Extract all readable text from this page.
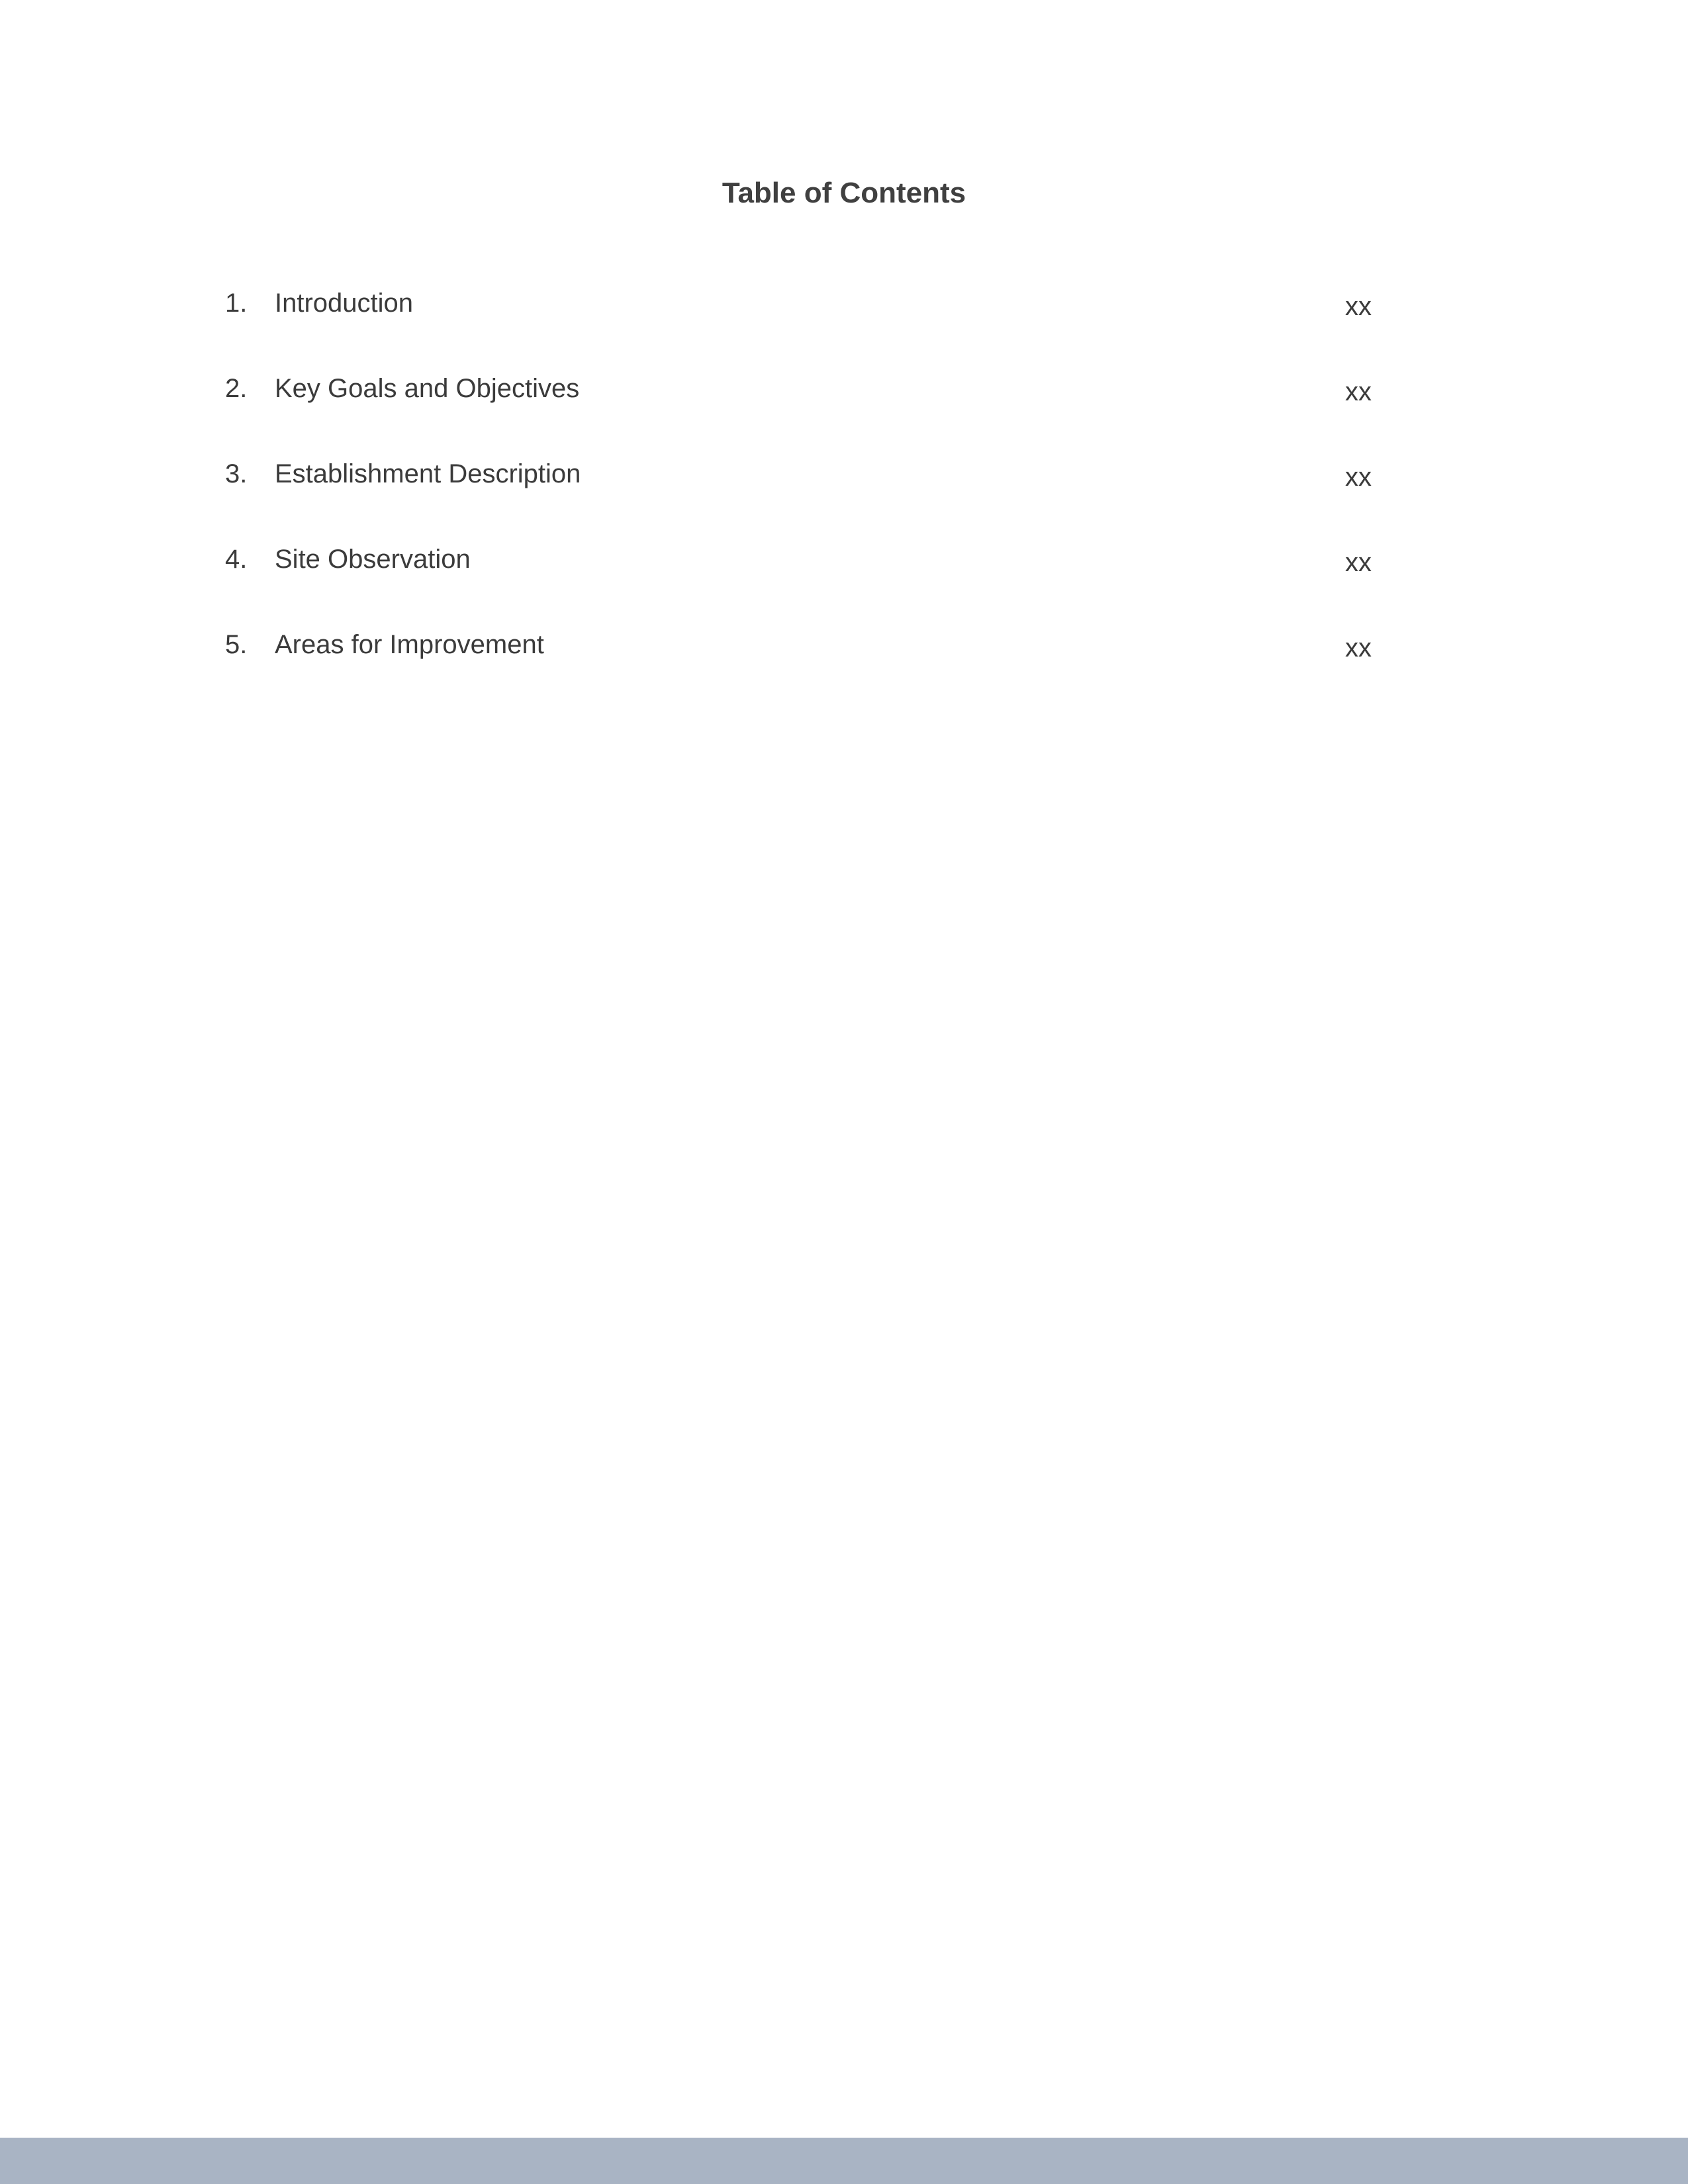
Table of Contents
1. Introduction	xx
2. Key Goals and Objectives	xx
3. Establishment Description	xx
4. Site Observation	xx
5. Areas for Improvement	xx
